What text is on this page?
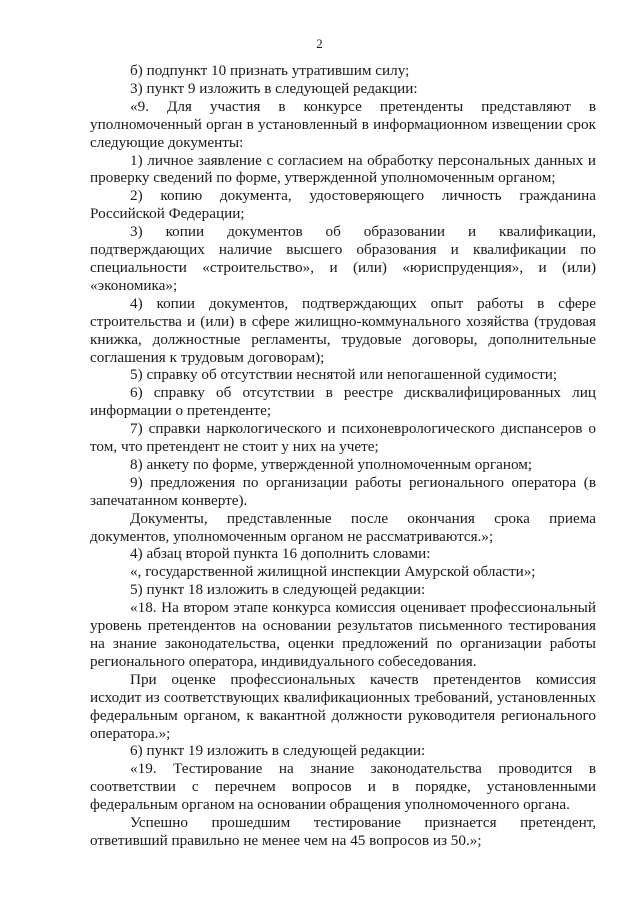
2

б) подпункт 10 признать утратившим силу;

3) пункт 9 изложить в следующей редакции:

«9. Для участия в конкурсе претенденты представляют в уполномоченный орган в установленный в информационном извещении срок следующие документы:

1) личное заявление с согласием на обработку персональных данных и проверку сведений по форме, утвержденной уполномоченным органом;

2) копию документа, удостоверяющего личность гражданина Российской Федерации;

3) копии документов об образовании и квалификации, подтверждающих наличие высшего образования и квалификации по специальности «строительство», и (или) «юриспруденция», и (или) «экономика»;

4) копии документов, подтверждающих опыт работы в сфере строительства и (или) в сфере жилищно-коммунального хозяйства (трудовая книжка, должностные регламенты, трудовые договоры, дополнительные соглашения к трудовым договорам);

5) справку об отсутствии неснятой или непогашенной судимости;

6) справку об отсутствии в реестре дисквалифицированных лиц информации о претенденте;

7) справки наркологического и психоневрологического диспансеров о том, что претендент не стоит у них на учете;

8) анкету по форме, утвержденной уполномоченным органом;

9) предложения по организации работы регионального оператора (в запечатанном конверте).

Документы, представленные после окончания срока приема документов, уполномоченным органом не рассматриваются.»;

4) абзац второй пункта 16 дополнить словами:

«, государственной жилищной инспекции Амурской области»;

5) пункт 18 изложить в следующей редакции:

«18. На втором этапе конкурса комиссия оценивает профессиональный уровень претендентов на основании результатов письменного тестирования на знание законодательства, оценки предложений по организации работы регионального оператора, индивидуального собеседования.

При оценке профессиональных качеств претендентов комиссия исходит из соответствующих квалификационных требований, установленных федеральным органом, к вакантной должности руководителя регионального оператора.»;

6) пункт 19 изложить в следующей редакции:

«19. Тестирование на знание законодательства проводится в соответствии с перечнем вопросов и в порядке, установленными федеральным органом на основании обращения уполномоченного органа.

Успешно прошедшим тестирование признается претендент, ответивший правильно не менее чем на 45 вопросов из 50.»;
